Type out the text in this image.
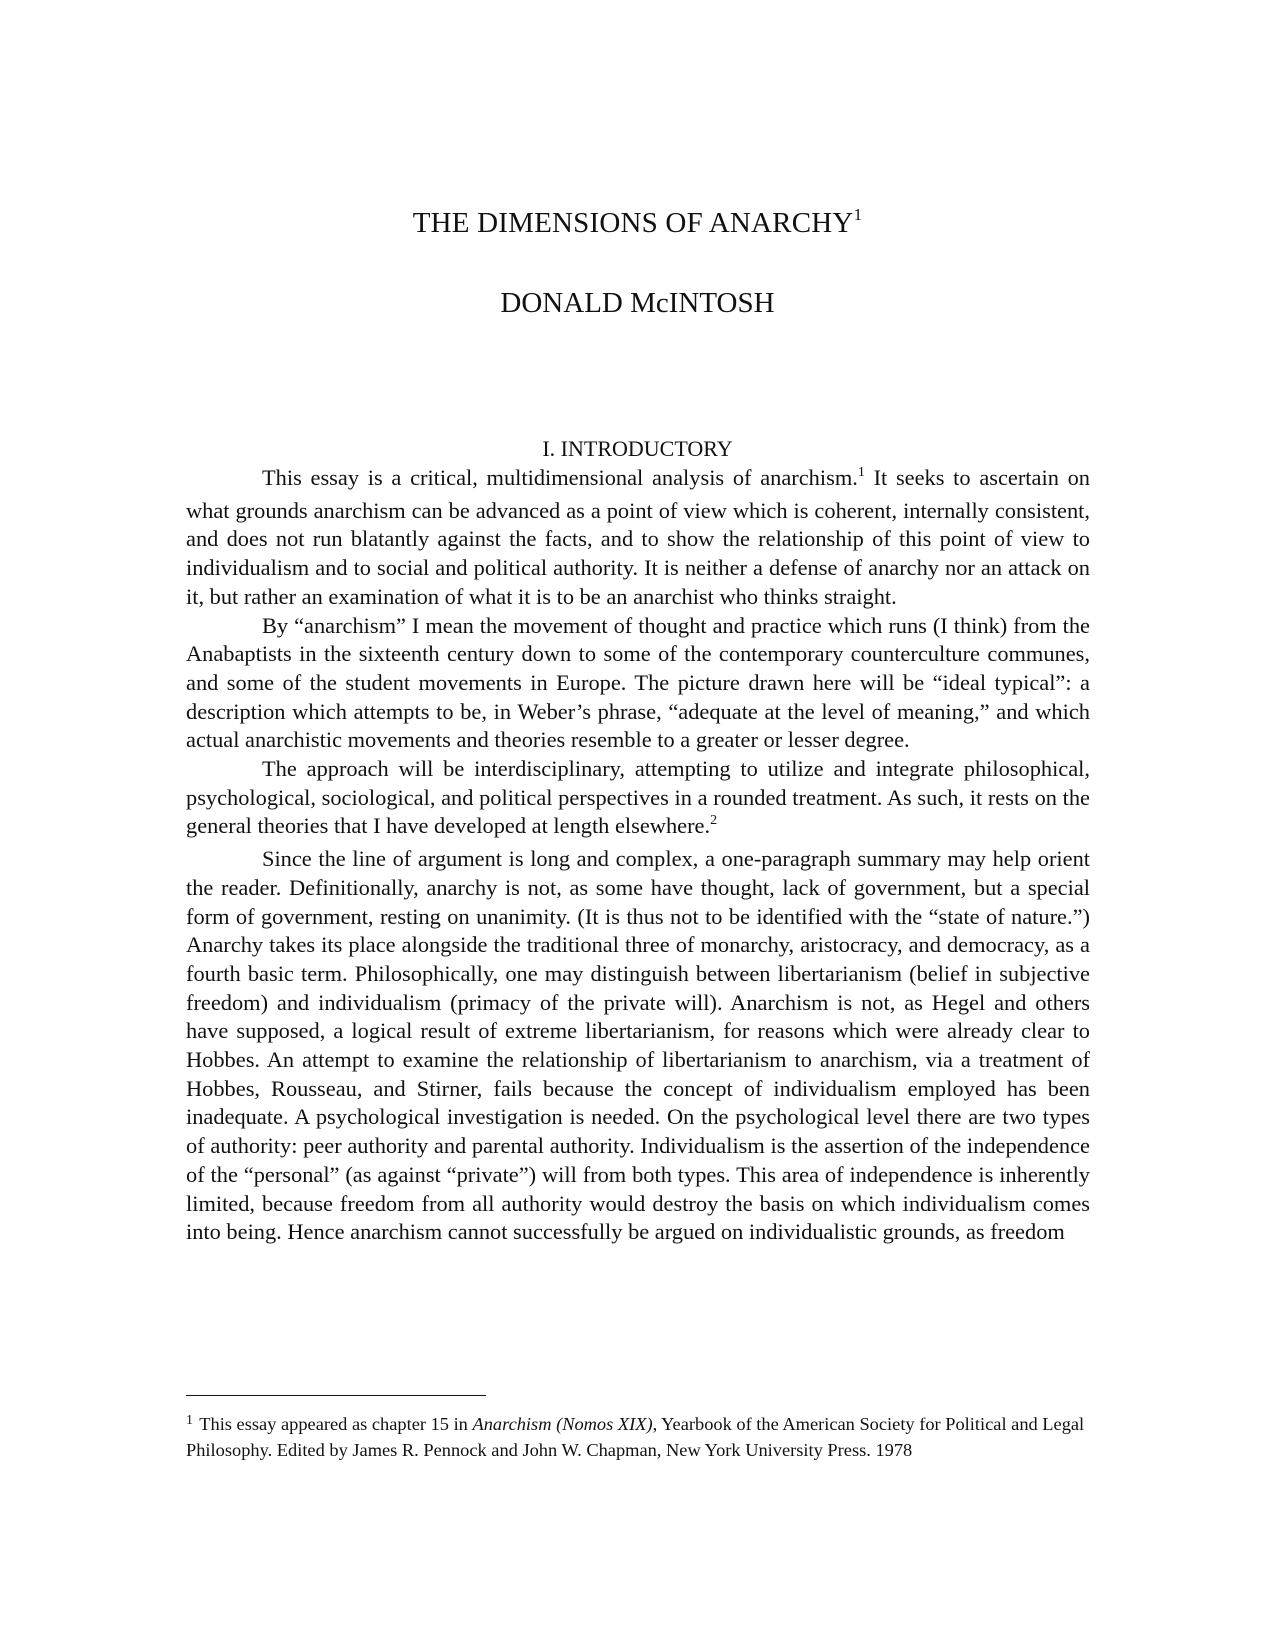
THE DIMENSIONS OF ANARCHY$^1$
DONALD McINTOSH
I. INTRODUCTORY

This essay is a critical, multidimensional analysis of anarchism.$^1$ It seeks to ascertain on what grounds anarchism can be advanced as a point of view which is coherent, internally consistent, and does not run blatantly against the facts, and to show the relationship of this point of view to individualism and to social and political authority. It is neither a defense of anarchy nor an attack on it, but rather an examination of what it is to be an anarchist who thinks straight.

By “anarchism” I mean the movement of thought and practice which runs (I think) from the Anabaptists in the sixteenth century down to some of the contemporary counterculture communes, and some of the student movements in Europe. The picture drawn here will be “ideal typical”: a description which attempts to be, in Weber’s phrase, “adequate at the level of meaning,” and which actual anarchistic movements and theories resemble to a greater or lesser degree.

The approach will be interdisciplinary, attempting to utilize and integrate philosophical, psychological, sociological, and political perspectives in a rounded treatment. As such, it rests on the general theories that I have developed at length elsewhere.$^2$

Since the line of argument is long and complex, a one-paragraph summary may help orient the reader. Definitionally, anarchy is not, as some have thought, lack of government, but a special form of government, resting on unanimity. (It is thus not to be identified with the “state of nature.”) Anarchy takes its place alongside the traditional three of monarchy, aristocracy, and democracy, as a fourth basic term. Philosophically, one may distinguish between libertarianism (belief in subjective freedom) and individualism (primacy of the private will). Anarchism is not, as Hegel and others have supposed, a logical result of extreme libertarianism, for reasons which were already clear to Hobbes. An attempt to examine the relationship of libertarianism to anarchism, via a treatment of Hobbes, Rousseau, and Stirner, fails because the concept of individualism employed has been inadequate. A psychological investigation is needed. On the psychological level there are two types of authority: peer authority and parental authority. Individualism is the assertion of the independence of the “personal” (as against “private”) will from both types. This area of independence is inherently limited, because freedom from all authority would destroy the basis on which individualism comes into being. Hence anarchism cannot successfully be argued on individualistic grounds, as freedom

$^1$ This essay appeared as chapter 15 in Anarchism (Nomos XIX), Yearbook of the American Society for Political and Legal Philosophy. Edited by James R. Pennock and John W. Chapman, New York University Press. 1978
